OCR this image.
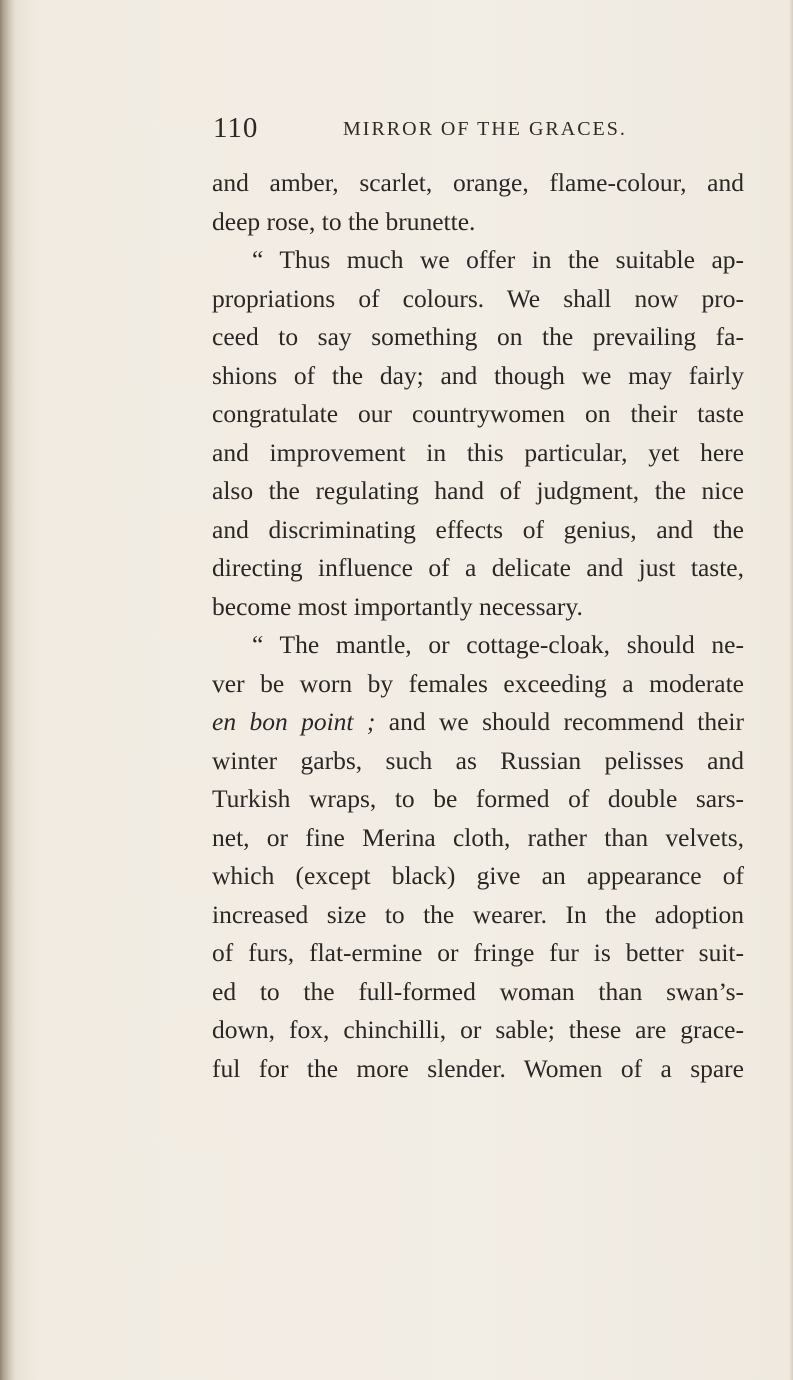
110	MIRROR OF THE GRACES.
and amber, scarlet, orange, flame-colour, and
deep rose, to the brunette.
“ Thus much we offer in the suitable ap-
propriations of colours. We shall now pro-
ceed to say something on the prevailing fa-
shions of the day; and though we may fairly
congratulate our countrywomen on their taste
and improvement in this particular, yet here
also the regulating hand of judgment, the nice
and discriminating effects of genius, and the
directing influence of a delicate and just taste,
become most importantly necessary.
“ The mantle, or cottage-cloak, should ne-
ver be worn by females exceeding a moderate
en bon point ; and we should recommend their
winter garbs, such as Russian pelisses and
Turkish wraps, to be formed of double sars-
net, or fine Merina cloth, rather than velvets,
which (except black) give an appearance of
increased size to the wearer. In the adoption
of furs, flat-ermine or fringe fur is better suit-
ed to the full-formed woman than swan’s-
down, fox, chinchilli, or sable; these are grace-
ful for the more slender. Women of a spare
